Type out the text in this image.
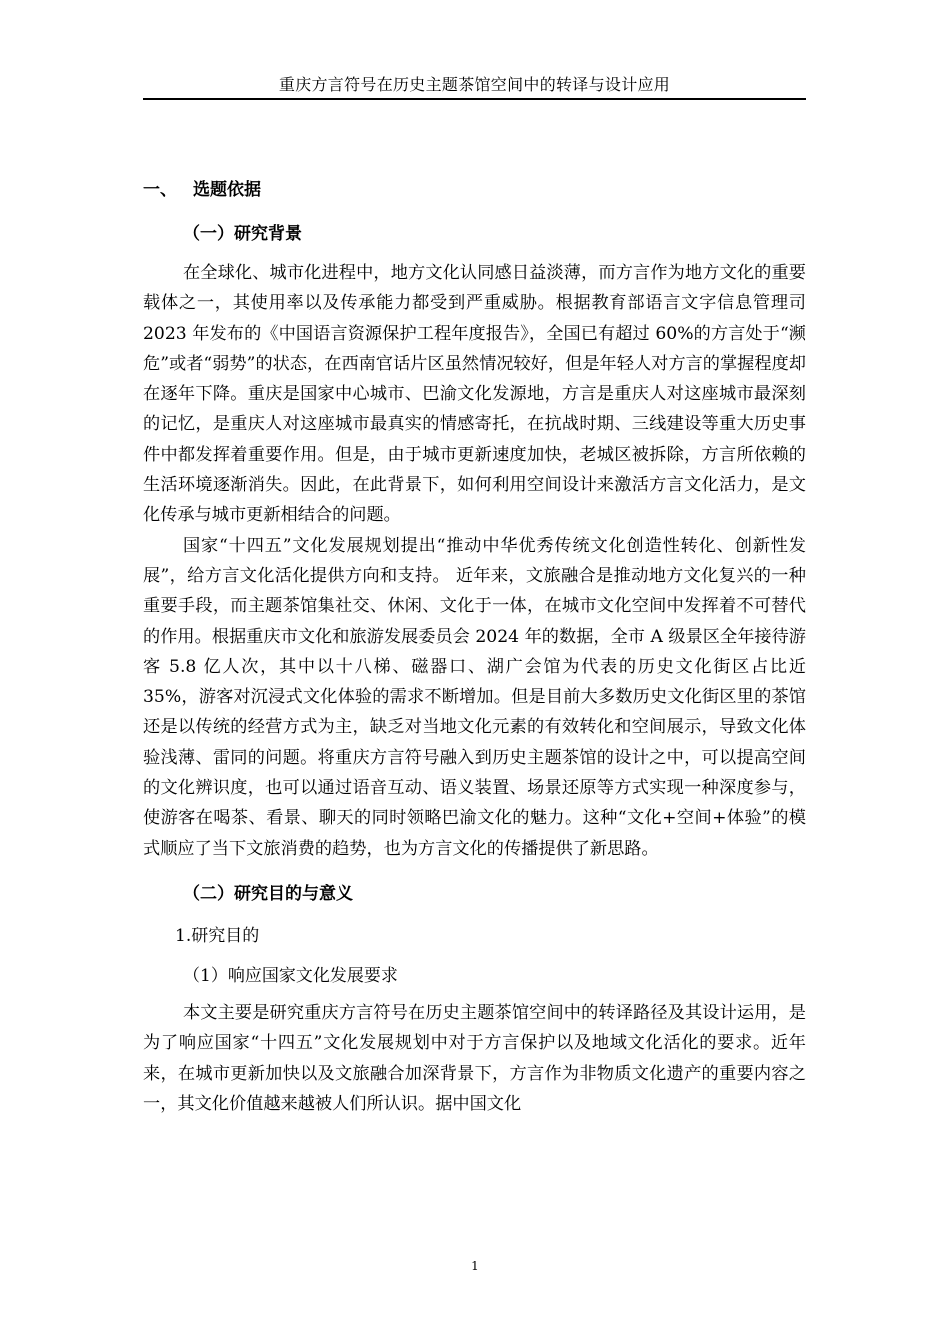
重庆方言符号在历史主题茶馆空间中的转译与设计应用
一、 选题依据
（一）研究背景

在全球化、城市化进程中，地方文化认同感日益淡薄，而方言作为地方文化的重要载体之一，其使用率以及传承能力都受到严重威胁。根据教育部语言文字信息管理司 2023 年发布的《中国语言资源保护工程年度报告》，全国已有超过 60%的方言处于“濒危”或者“弱势”的状态，在西南官话片区虽然情况较好，但是年轻人对方言的掌握程度却在逐年下降。重庆是国家中心城市、巴渝文化发源地，方言是重庆人对这座城市最深刻的记忆，是重庆人对这座城市最真实的情感寄托，在抗战时期、三线建设等重大历史事件中都发挥着重要作用。但是，由于城市更新速度加快，老城区被拆除，方言所依赖的生活环境逐渐消失。因此，在此背景下，如何利用空间设计来激活方言文化活力，是文化传承与城市更新相结合的问题。

国家“十四五”文化发展规划提出“推动中华优秀传统文化创造性转化、创新性发展”，给方言文化活化提供方向和支持。 近年来，文旅融合是推动地方文化复兴的一种重要手段，而主题茶馆集社交、休闲、文化于一体，在城市文化空间中发挥着不可替代的作用。根据重庆市文化和旅游发展委员会 2024 年的数据，全市 A 级景区全年接待游客 5.8 亿人次，其中以十八梯、磁器口、湖广会馆为代表的历史文化街区占比近 35%，游客对沉浸式文化体验的需求不断增加。但是目前大多数历史文化街区里的茶馆还是以传统的经营方式为主，缺乏对当地文化元素的有效转化和空间展示，导致文化体验浅薄、雷同的问题。将重庆方言符号融入到历史主题茶馆的设计之中，可以提高空间的文化辨识度，也可以通过语音互动、语义装置、场景还原等方式实现一种深度参与，使游客在喝茶、看景、聊天的同时领略巴渝文化的魅力。这种“文化+空间+体验”的模式顺应了当下文旅消费的趋势，也为方言文化的传播提供了新思路。

（二）研究目的与意义
1.研究目的
（1）响应国家文化发展要求

本文主要是研究重庆方言符号在历史主题茶馆空间中的转译路径及其设计运用，是为了响应国家“十四五”文化发展规划中对于方言保护以及地域文化活化的要求。近年来，在城市更新加快以及文旅融合加深背景下，方言作为非物质文化遗产的重要内容之一，其文化价值越来越被人们所认识。据中国文化

1
